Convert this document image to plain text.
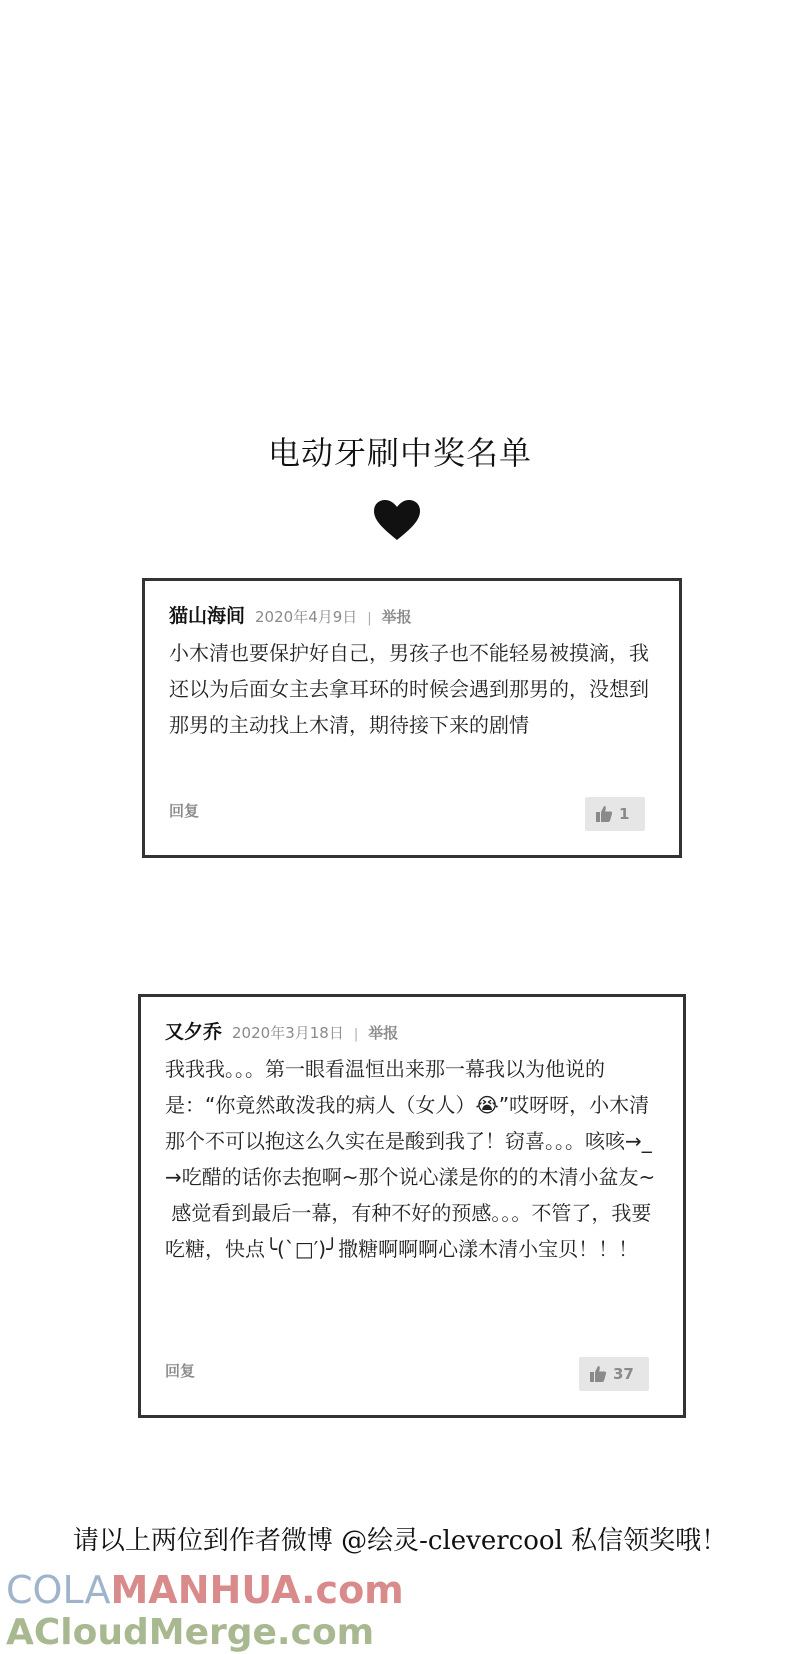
电动牙刷中奖名单
猫山海间 2020年4月9日 | 举报
小木清也要保护好自己，男孩子也不能轻易被摸滴，我还以为后面女主去拿耳环的时候会遇到那男的，没想到那男的主动找上木清，期待接下来的剧情
回复	1
又夕乔 2020年3月18日 | 举报
我我我。。。第一眼看温恒出来那一幕我以为他说的是：“你竟然敢泼我的病人（女人）😭”哎呀呀，小木清那个不可以抱这么久实在是酸到我了！窃喜。。。咳咳→_→吃醋的话你去抱啊~那个说心漾是你的的木清小盆友~
感觉看到最后一幕，有种不好的预感。。。不管了，我要吃糖，快点╰(`□′)╯撒糖啊啊啊心漾木清小宝贝！！！
回复	37
请以上两位到作者微博 @绘灵-clevercool 私信领奖哦！
COLAMANHUA.com
ACloudMerge.com
